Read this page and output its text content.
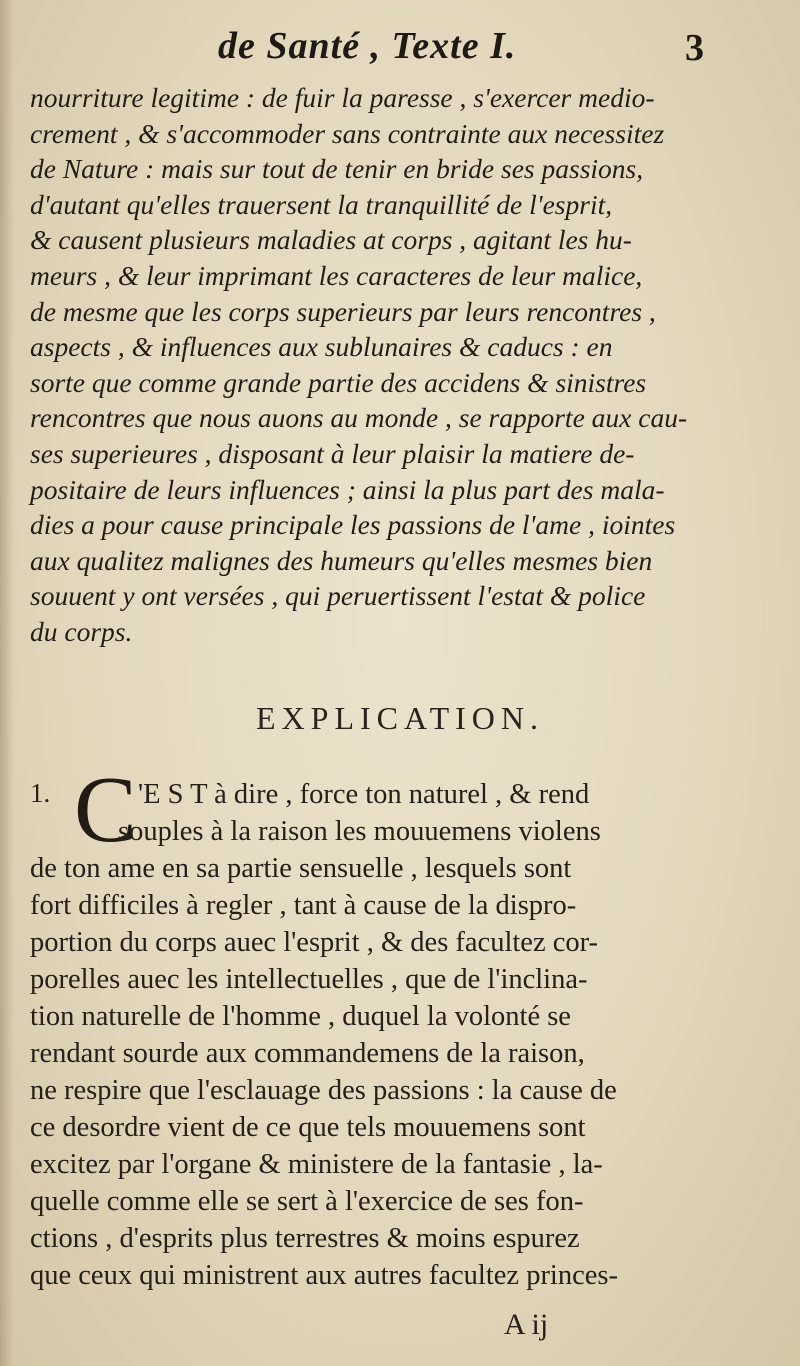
de Santé , Texte I.	3
nourriture legitime : de fuir la paresse , s'exercer medio-
crement , & s'accommoder sans contrainte aux necessitez
de Nature : mais sur tout de tenir en bride ses passions,
d'autant qu'elles trauersent la tranquillité de l'esprit,
& causent plusieurs maladies at corps , agitant les hu-
meurs , & leur imprimant les caracteres de leur malice,
de mesme que les corps superieurs par leurs rencontres ,
aspects , & influences aux sublunaires & caducs : en
sorte que comme grande partie des accidens & sinistres
rencontres que nous auons au monde , se rapporte aux cau-
ses superieures , disposant à leur plaisir la matiere de-
positaire de leurs influences ; ainsi la plus part des mala-
dies a pour cause principale les passions de l'ame , iointes
aux qualitez malignes des humeurs qu'elles mesmes bien
souuent y ont versées , qui peruertissent l'estat & police
du corps.
EXPLICATION.
1. C 'E S T à dire , force ton naturel , & rend
souples à la raison les mouuemens violens
de ton ame en sa partie sensuelle , lesquels sont
fort difficiles à regler , tant à cause de la dispro-
portion du corps auec l'esprit , & des facultez cor-
porelles auec les intellectuelles , que de l'inclina-
tion naturelle de l'homme , duquel la volonté se
rendant sourde aux commandemens de la raison,
ne respire que l'esclauage des passions : la cause de
ce desordre vient de ce que tels mouuemens sont
excitez par l'organe & ministere de la fantasie , la-
quelle comme elle se sert à l'exercice de ses fon-
ctions , d'esprits plus terrestres & moins espurez
que ceux qui ministrent aux autres facultez princes-
A ij
